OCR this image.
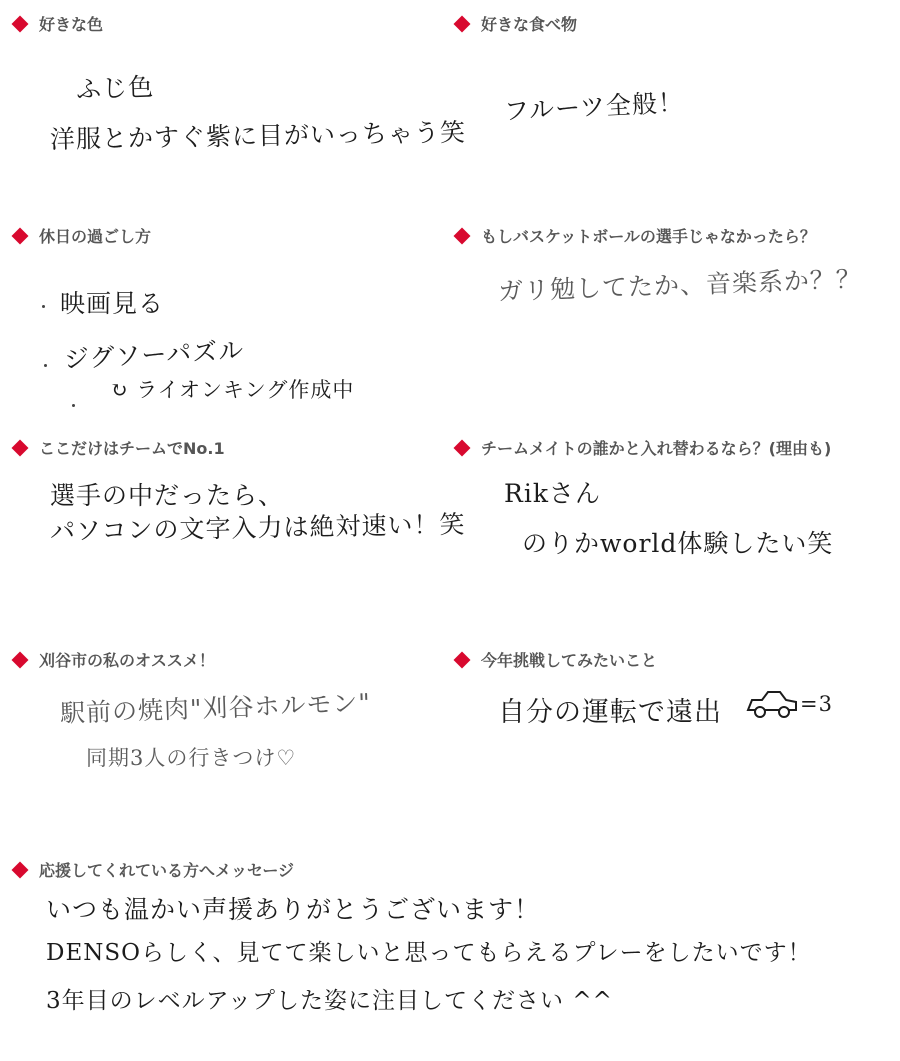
好きな色
ふじ色
洋服とかすぐ紫に目がいっちゃう笑
好きな食べ物
フルーツ全般！
休日の過ごし方
映画見る
ジグソーパズル
↻ ライオンキング作成中
もしバスケットボールの選手じゃなかったら？
ガリ勉してたか、音楽系か？？
ここだけはチームでNo.1
選手の中だったら、
パソコンの文字入力は絶対速い！笑
チームメイトの誰かと入れ替わるなら？(理由も)
Rikさん
のりかworld体験したい笑
刈谷市の私のオススメ！
駅前の焼肉"刈谷ホルモン"
同期3人の行きつけ♡
今年挑戦してみたいこと
自分の運転で遠出	=3
応援してくれている方へメッセージ
いつも温かい声援ありがとうございます！
DENSOらしく、見てて楽しいと思ってもらえるプレーをしたいです！
3年目のレベルアップした姿に注目してください ^^
